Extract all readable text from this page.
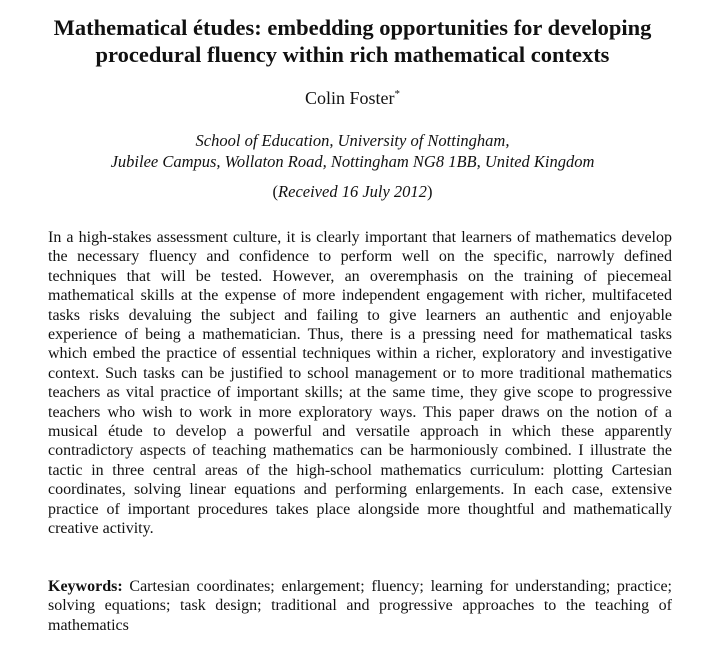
Mathematical études: embedding opportunities for developing
procedural fluency within rich mathematical contexts
Colin Foster*
School of Education, University of Nottingham,
Jubilee Campus, Wollaton Road, Nottingham NG8 1BB, United Kingdom
(Received 16 July 2012)

In a high-stakes assessment culture, it is clearly important that learners of mathematics develop the necessary fluency and confidence to perform well on the specific, narrowly defined techniques that will be tested. However, an overemphasis on the training of piecemeal mathematical skills at the expense of more independent engagement with richer, multifaceted tasks risks devaluing the subject and failing to give learners an authentic and enjoyable experience of being a mathematician. Thus, there is a pressing need for mathematical tasks which embed the practice of essential techniques within a richer, exploratory and investigative context. Such tasks can be justified to school management or to more traditional mathematics teachers as vital practice of important skills; at the same time, they give scope to progressive teachers who wish to work in more exploratory ways. This paper draws on the notion of a musical étude to develop a powerful and versatile approach in which these apparently contradictory aspects of teaching mathematics can be harmoniously combined. I illustrate the tactic in three central areas of the high-school mathematics curriculum: plotting Cartesian coordinates, solving linear equations and performing enlargements. In each case, extensive practice of important procedures takes place alongside more thoughtful and mathematically creative activity.

Keywords: Cartesian coordinates; enlargement; fluency; learning for understanding; practice; solving equations; task design; traditional and progressive approaches to the teaching of mathematics
